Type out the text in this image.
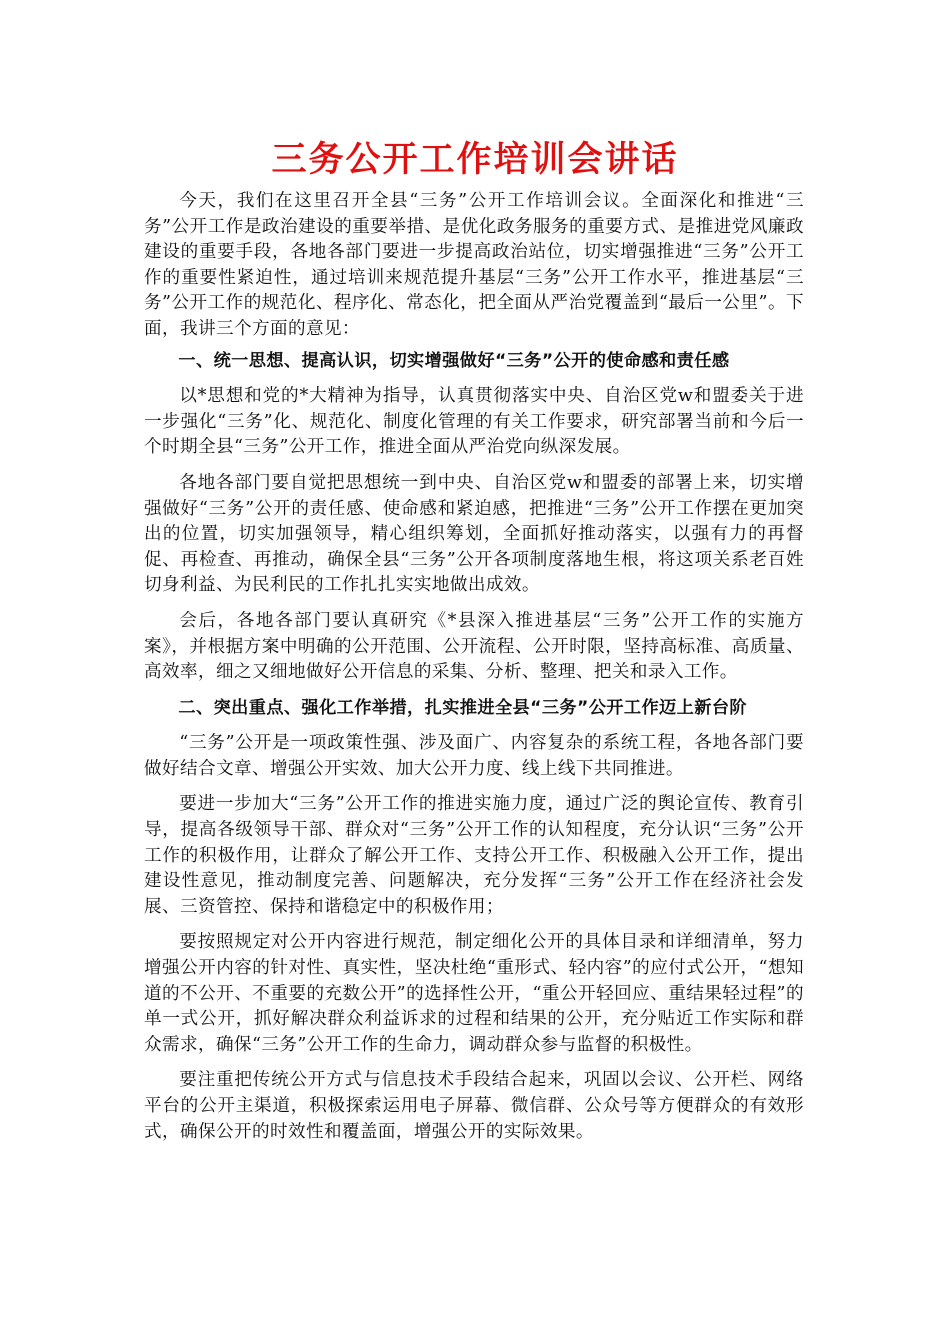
三务公开工作培训会讲话

今天，我们在这里召开全县“三务”公开工作培训会议。全面深化和推进“三务”公开工作是政治建设的重要举措、是优化政务服务的重要方式、是推进党风廉政建设的重要手段，各地各部门要进一步提高政治站位，切实增强推进“三务”公开工作的重要性紧迫性，通过培训来规范提升基层“三务”公开工作水平，推进基层“三务”公开工作的规范化、程序化、常态化，把全面从严治党覆盖到“最后一公里”。下面，我讲三个方面的意见：

一、统一思想、提高认识，切实增强做好“三务”公开的使命感和责任感

以*思想和党的*大精神为指导，认真贯彻落实中央、自治区党w和盟委关于进一步强化“三务”化、规范化、制度化管理的有关工作要求，研究部署当前和今后一个时期全县“三务”公开工作，推进全面从严治党向纵深发展。

各地各部门要自觉把思想统一到中央、自治区党w和盟委的部署上来，切实增强做好“三务”公开的责任感、使命感和紧迫感，把推进“三务”公开工作摆在更加突出的位置，切实加强领导，精心组织筹划，全面抓好推动落实，以强有力的再督促、再检查、再推动，确保全县“三务”公开各项制度落地生根，将这项关系老百姓切身利益、为民利民的工作扎扎实实地做出成效。

会后，各地各部门要认真研究《*县深入推进基层“三务”公开工作的实施方案》，并根据方案中明确的公开范围、公开流程、公开时限，坚持高标准、高质量、高效率，细之又细地做好公开信息的采集、分析、整理、把关和录入工作。

二、突出重点、强化工作举措，扎实推进全县“三务”公开工作迈上新台阶

“三务”公开是一项政策性强、涉及面广、内容复杂的系统工程，各地各部门要做好结合文章、增强公开实效、加大公开力度、线上线下共同推进。

要进一步加大“三务”公开工作的推进实施力度，通过广泛的舆论宣传、教育引导，提高各级领导干部、群众对“三务”公开工作的认知程度，充分认识“三务”公开工作的积极作用，让群众了解公开工作、支持公开工作、积极融入公开工作，提出建设性意见，推动制度完善、问题解决，充分发挥“三务”公开工作在经济社会发展、三资管控、保持和谐稳定中的积极作用；

要按照规定对公开内容进行规范，制定细化公开的具体目录和详细清单，努力增强公开内容的针对性、真实性，坚决杜绝“重形式、轻内容”的应付式公开，“想知道的不公开、不重要的充数公开”的选择性公开，“重公开轻回应、重结果轻过程”的单一式公开，抓好解决群众利益诉求的过程和结果的公开，充分贴近工作实际和群众需求，确保“三务”公开工作的生命力，调动群众参与监督的积极性。

要注重把传统公开方式与信息技术手段结合起来，巩固以会议、公开栏、网络平台的公开主渠道，积极探索运用电子屏幕、微信群、公众号等方便群众的有效形式，确保公开的时效性和覆盖面，增强公开的实际效果。
